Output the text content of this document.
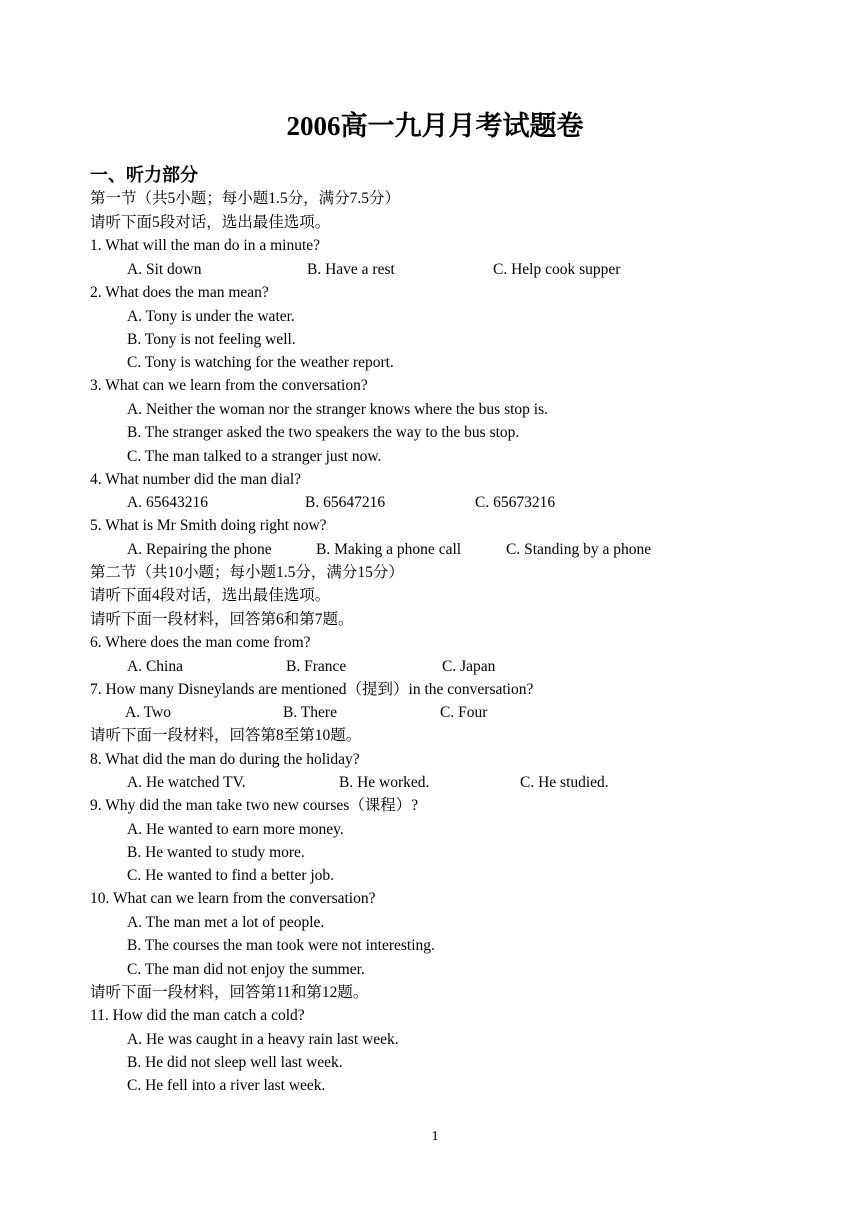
2006高一九月月考试题卷
一、听力部分
第一节（共5小题；每小题1.5分，满分7.5分）
请听下面5段对话，选出最佳选项。
1. What will the man do in a minute?
A. Sit down	B. Have a rest	C. Help cook supper
2. What does the man mean?
A. Tony is under the water.
B. Tony is not feeling well.
C. Tony is watching for the weather report.
3. What can we learn from the conversation?
A. Neither the woman nor the stranger knows where the bus stop is.
B. The stranger asked the two speakers the way to the bus stop.
C. The man talked to a stranger just now.
4. What number did the man dial?
A. 65643216	B. 65647216	C. 65673216
5. What is Mr Smith doing right now?
A. Repairing the phone	B. Making a phone call	C. Standing by a phone
第二节（共10小题；每小题1.5分，满分15分）
请听下面4段对话，选出最佳选项。
请听下面一段材料，回答第6和第7题。
6. Where does the man come from?
A. China	B. France	C. Japan
7. How many Disneylands are mentioned（提到）in the conversation?
A. Two	B. There	C. Four
请听下面一段材料，回答第8至第10题。
8. What did the man do during the holiday?
A. He watched TV.	B. He worked.	C. He studied.
9. Why did the man take two new courses（课程）?
A. He wanted to earn more money.
B. He wanted to study more.
C. He wanted to find a better job.
10. What can we learn from the conversation?
A. The man met a lot of people.
B. The courses the man took were not interesting.
C. The man did not enjoy the summer.
请听下面一段材料，回答第11和第12题。
11. How did the man catch a cold?
A. He was caught in a heavy rain last week.
B. He did not sleep well last week.
C. He fell into a river last week.
1
